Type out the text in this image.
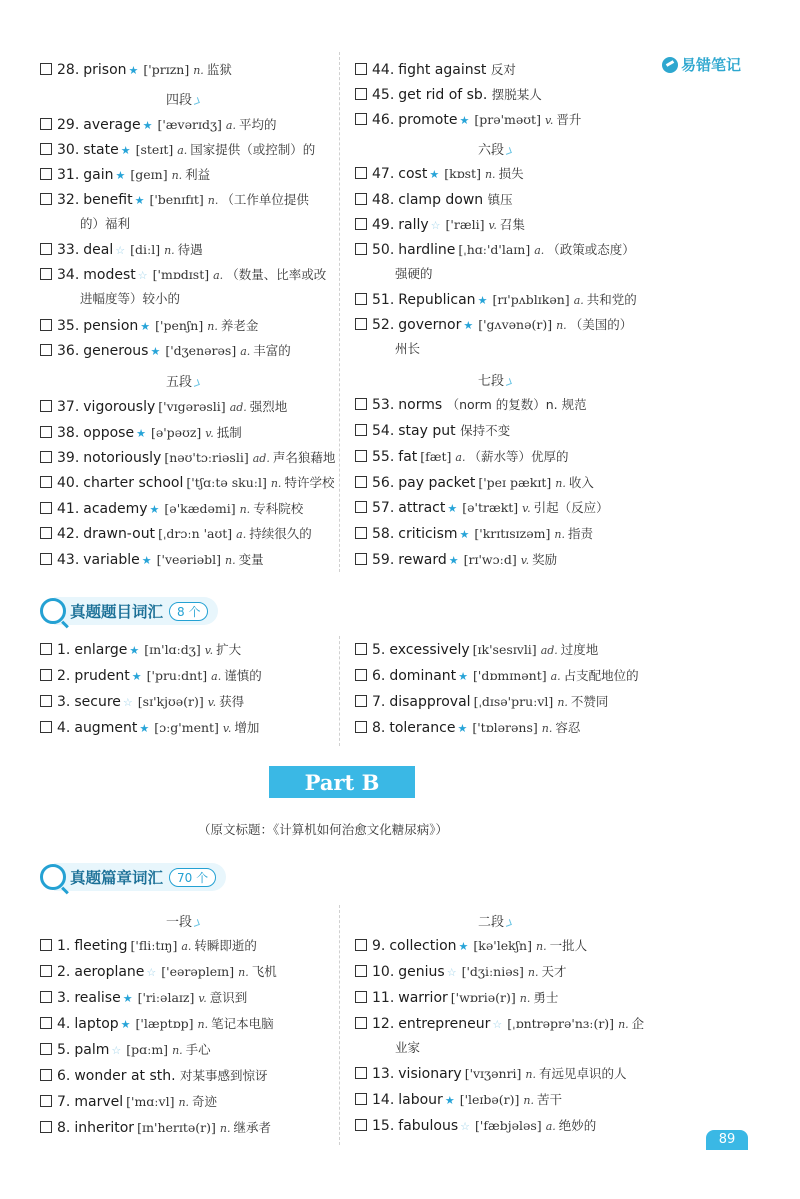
易错笔记
四段
五段
六段
七段
一段	二段
真题题目词汇	8 个
Part B
（原文标题：《计算机如何治愈文化糖尿病》）
真题篇章词汇	70 个
28. prison ★ ['prɪzn] n. 监狱
29. average ★ ['ævərɪdʒ] a. 平均的
30. state ★ [steɪt] a. 国家提供（或控制）的
31. gain ★ [geɪn] n. 利益
32. benefit ★ ['benɪfɪt] n. （工作单位提供
的）福利
33. deal ☆ [diːl] n. 待遇
34. modest ☆ ['mɒdɪst] a. （数量、比率或改
进幅度等）较小的
35. pension ★ ['penʃn] n. 养老金
36. generous ★ ['dʒenərəs] a. 丰富的
37. vigorously ['vɪgərəsli] ad. 强烈地
38. oppose ★ [ə'pəʊz] v. 抵制
39. notoriously [nəʊ'tɔːriəsli] ad. 声名狼藉地
40. charter school ['tʃɑːtə skuːl] n. 特许学校
41. academy ★ [ə'kædəmi] n. 专科院校
42. drawn-out [ˌdrɔːn 'aʊt] a. 持续很久的
43. variable ★ ['veəriəbl] n. 变量
44. fight against 反对
45. get rid of sb. 摆脱某人
46. promote ★ [prə'məʊt] v. 晋升
47. cost ★ [kɒst] n. 损失
48. clamp down 镇压
49. rally ☆ ['ræli] v. 召集
50. hardline [ˌhɑː'd'laɪn] a. （政策或态度）
强硬的
51. Republican ★ [rɪ'pʌblɪkən] a. 共和党的
52. governor ★ ['gʌvənə(r)] n. （美国的）
州长
53. norms （norm 的复数）n. 规范
54. stay put 保持不变
55. fat [fæt] a. （薪水等）优厚的
56. pay packet ['peɪ pækɪt] n. 收入
57. attract ★ [ə'trækt] v. 引起（反应）
58. criticism ★ ['krɪtɪsɪzəm] n. 指责
59. reward ★ [rɪ'wɔːd] v. 奖励
1. enlarge ★ [ɪn'lɑːdʒ] v. 扩大
2. prudent ★ ['pruːdnt] a. 谨慎的
3. secure ☆ [sɪ'kjʊə(r)] v. 获得
4. augment ★ [ɔːg'ment] v. 增加
5. excessively [ɪk'sesɪvli] ad. 过度地
6. dominant ★ ['dɒmɪnənt] a. 占支配地位的
7. disapproval [ˌdɪsə'pruːvl] n. 不赞同
8. tolerance ★ ['tɒlərəns] n. 容忍
1. fleeting ['fliːtɪŋ] a. 转瞬即逝的
2. aeroplane ☆ ['eərəpleɪn] n. 飞机
3. realise ★ ['riːəlaɪz] v. 意识到
4. laptop ★ ['læptɒp] n. 笔记本电脑
5. palm ☆ [pɑːm] n. 手心
6. wonder at sth. 对某事感到惊讶
7. marvel ['mɑːvl] n. 奇迹
8. inheritor [ɪn'herɪtə(r)] n. 继承者
9. collection ★ [kə'lekʃn] n. 一批人
10. genius ☆ ['dʒiːniəs] n. 天才
11. warrior ['wɒriə(r)] n. 勇士
12. entrepreneur ☆ [ˌɒntrəprə'nɜː(r)] n. 企
业家
13. visionary ['vɪʒənri] n. 有远见卓识的人
14. labour ★ ['leɪbə(r)] n. 苦干
15. fabulous ☆ ['fæbjələs] a. 绝妙的
89
